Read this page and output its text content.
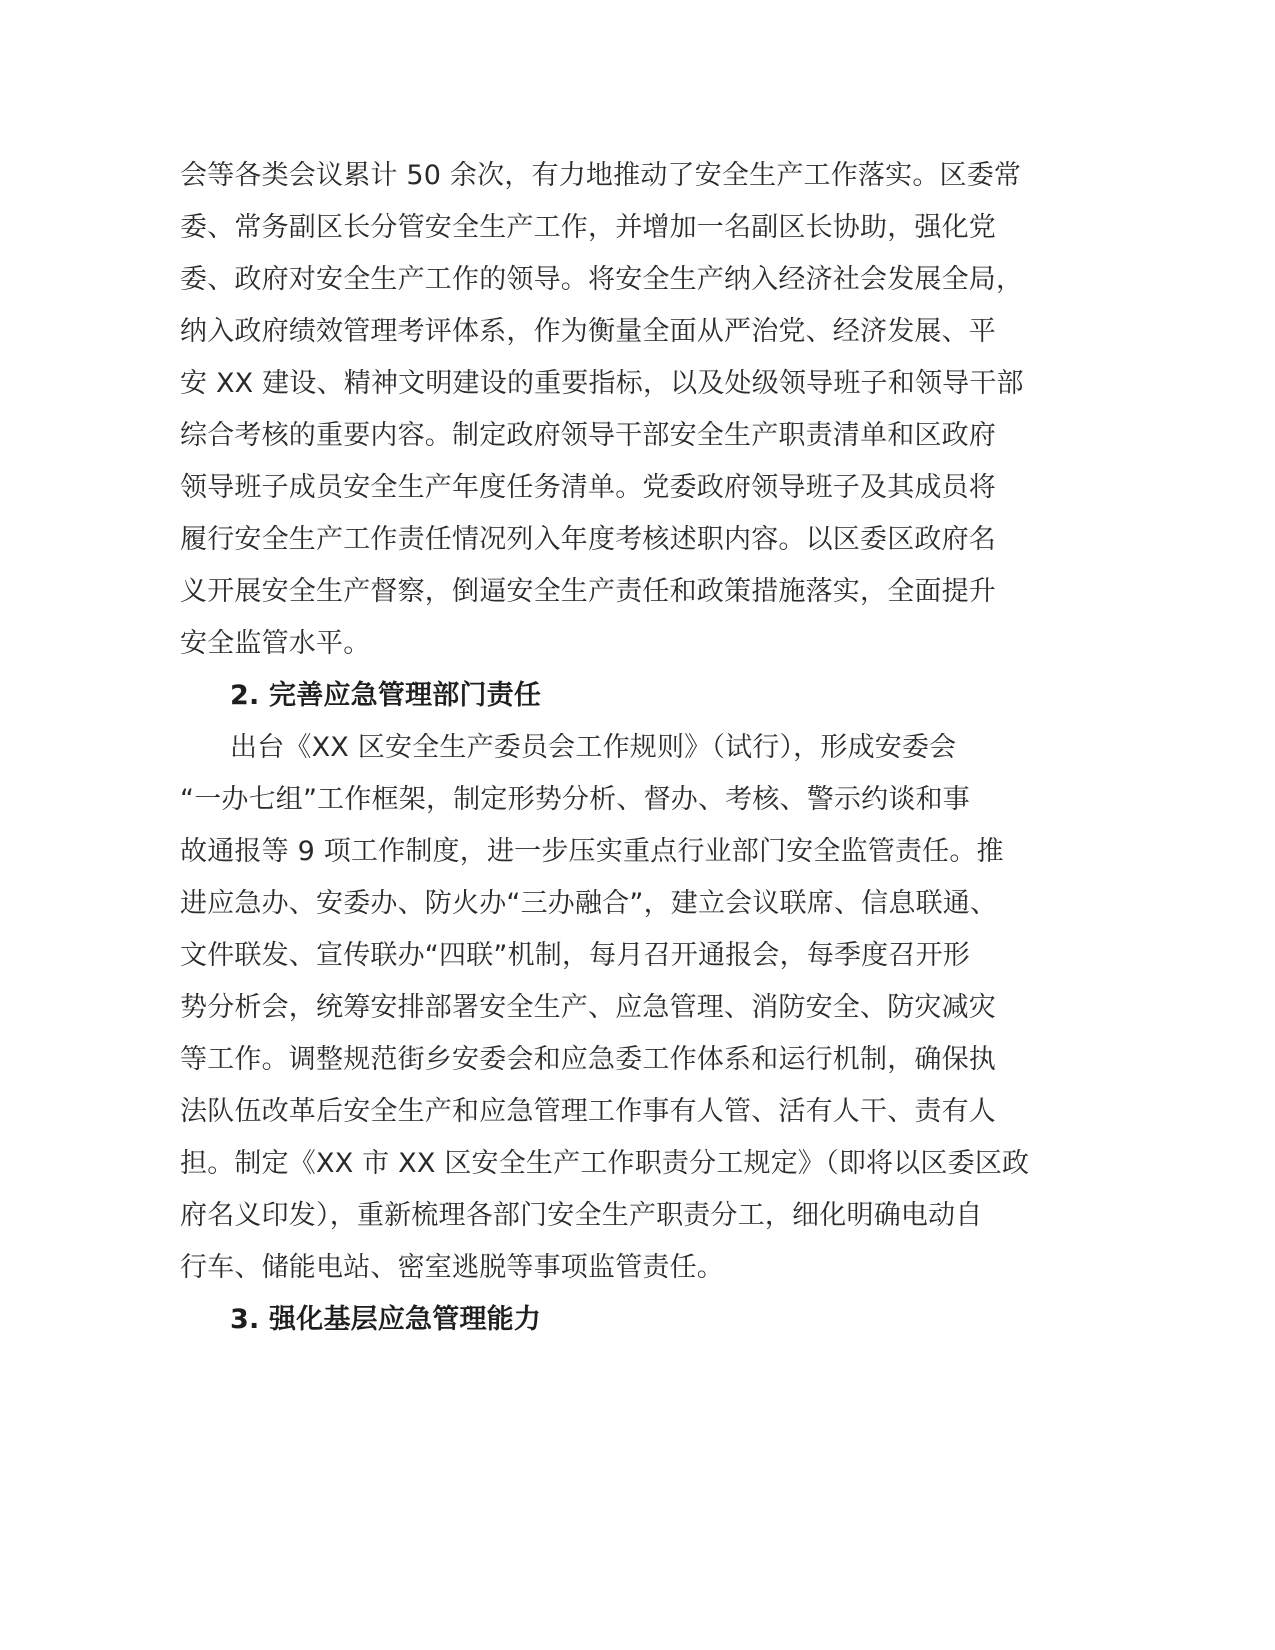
会等各类会议累计 50 余次，有力地推动了安全生产工作落实。区委常
委、常务副区长分管安全生产工作，并增加一名副区长协助，强化党
委、政府对安全生产工作的领导。将安全生产纳入经济社会发展全局，
纳入政府绩效管理考评体系，作为衡量全面从严治党、经济发展、平
安 XX 建设、精神文明建设的重要指标，以及处级领导班子和领导干部
综合考核的重要内容。制定政府领导干部安全生产职责清单和区政府
领导班子成员安全生产年度任务清单。党委政府领导班子及其成员将
履行安全生产工作责任情况列入年度考核述职内容。以区委区政府名
义开展安全生产督察，倒逼安全生产责任和政策措施落实，全面提升
安全监管水平。
2. 完善应急管理部门责任
出台《XX 区安全生产委员会工作规则》（试行），形成安委会
“一办七组”工作框架，制定形势分析、督办、考核、警示约谈和事
故通报等 9 项工作制度，进一步压实重点行业部门安全监管责任。推
进应急办、安委办、防火办“三办融合”，建立会议联席、信息联通、
文件联发、宣传联办“四联”机制，每月召开通报会，每季度召开形
势分析会，统筹安排部署安全生产、应急管理、消防安全、防灾减灾
等工作。调整规范街乡安委会和应急委工作体系和运行机制，确保执
法队伍改革后安全生产和应急管理工作事有人管、活有人干、责有人
担。制定《XX 市 XX 区安全生产工作职责分工规定》（即将以区委区政
府名义印发），重新梳理各部门安全生产职责分工，细化明确电动自
行车、储能电站、密室逃脱等事项监管责任。
3. 强化基层应急管理能力
